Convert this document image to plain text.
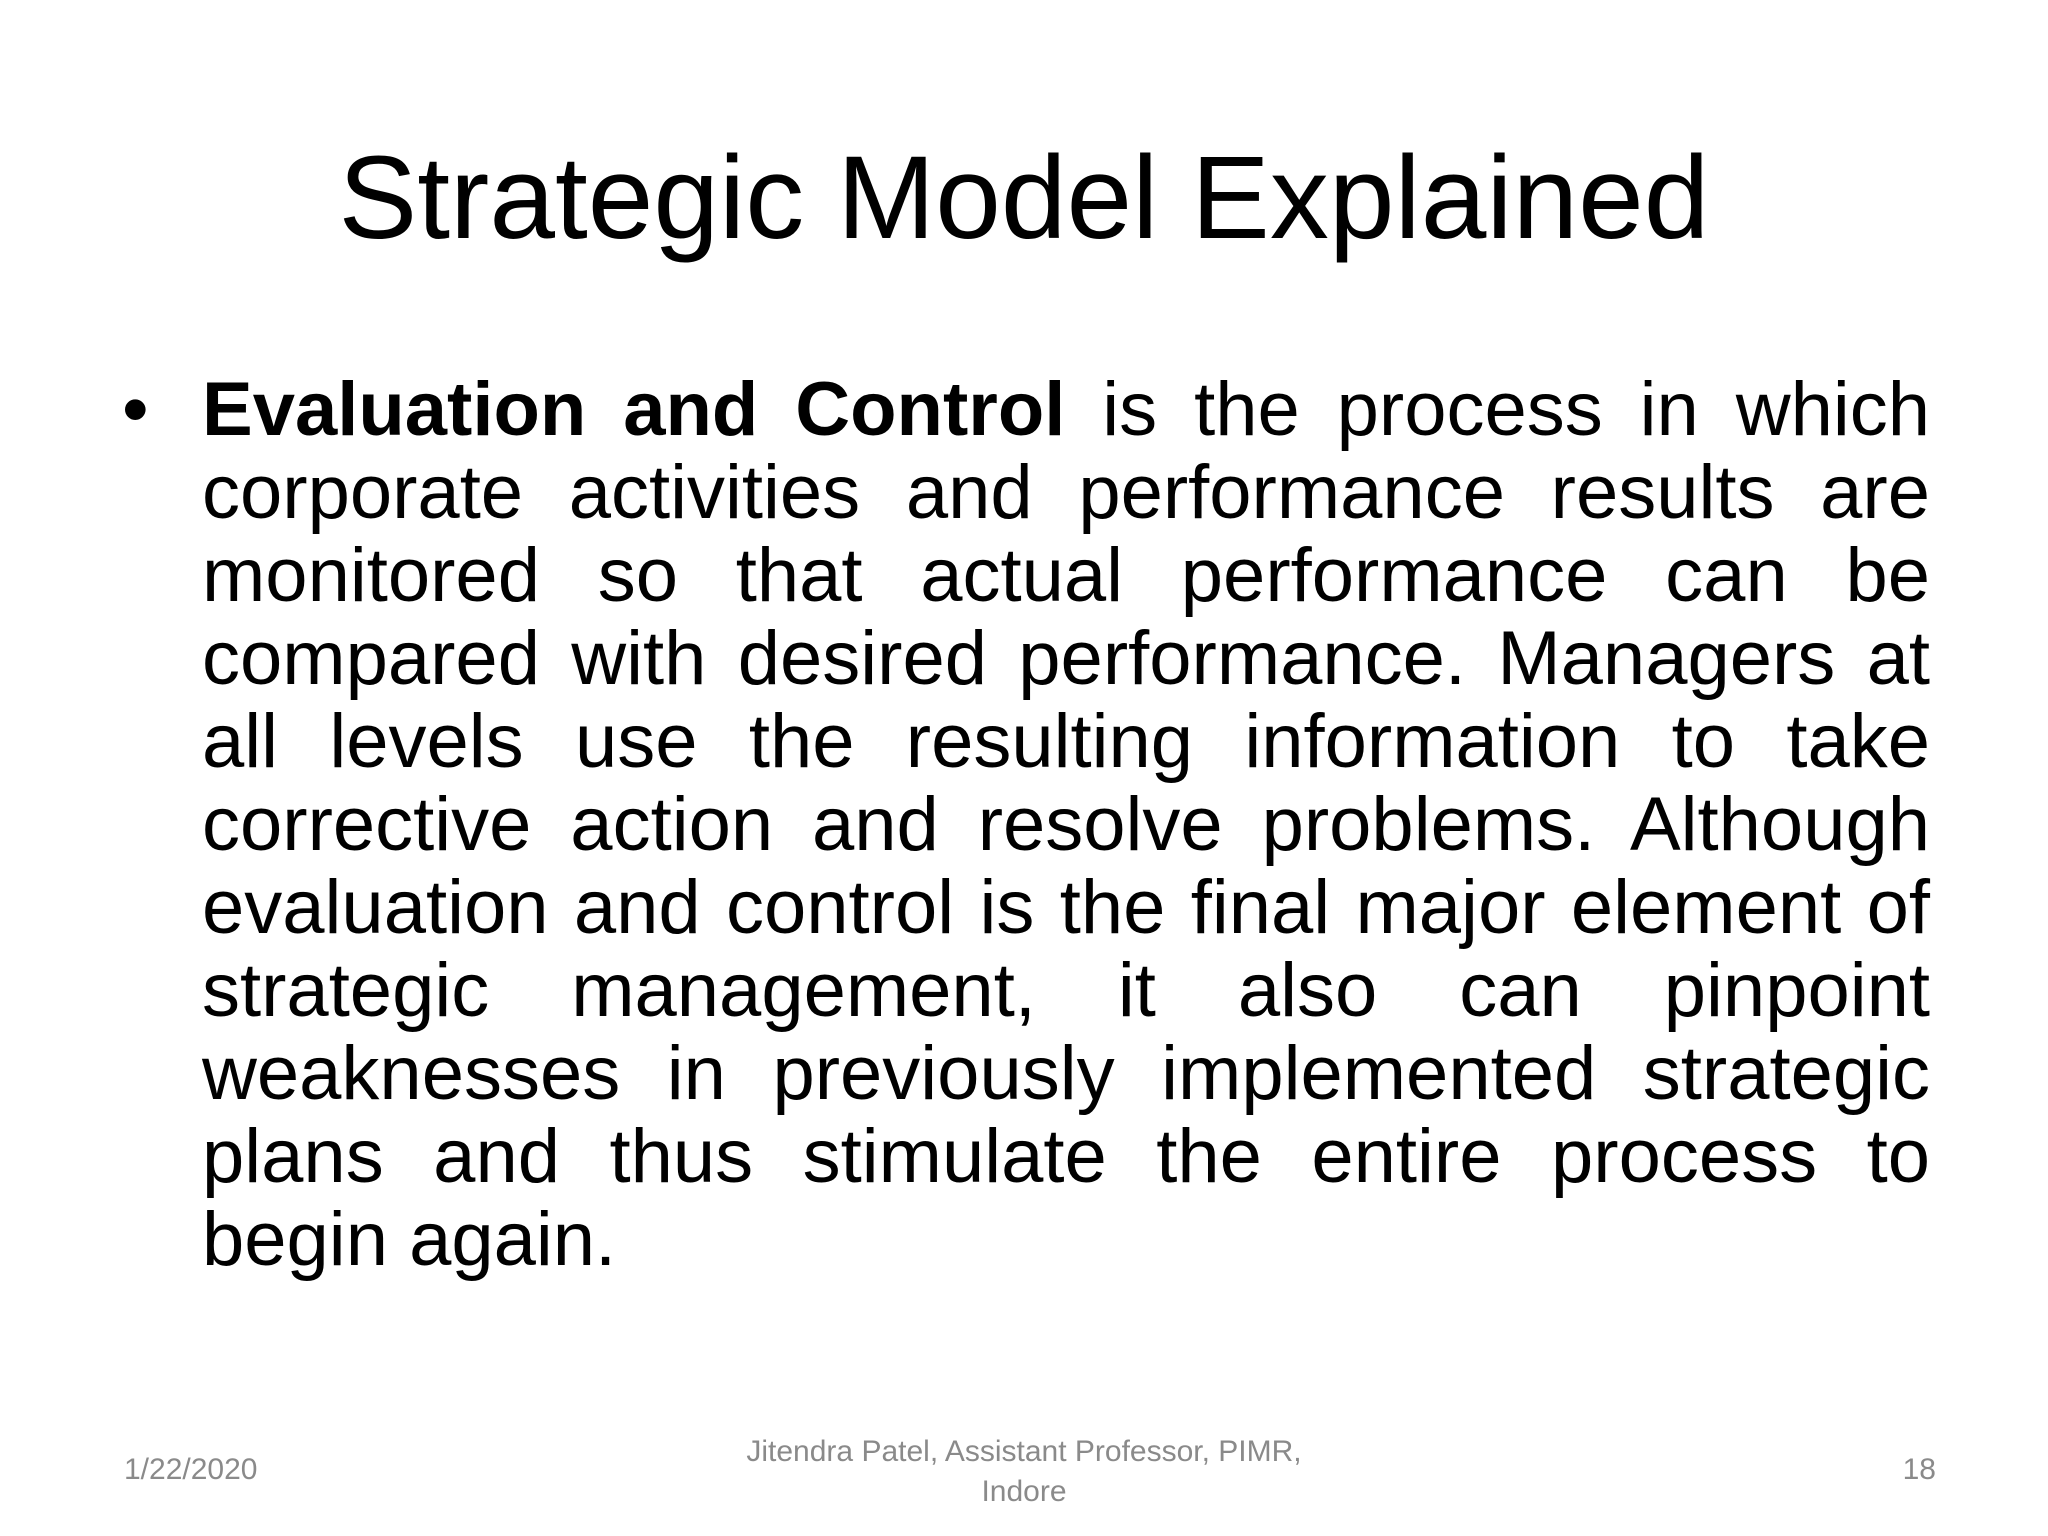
Strategic Model Explained
• Evaluation and Control is the process in which corporate activities and performance results are monitored so that actual performance can be compared with desired performance. Managers at all levels use the resulting information to take corrective action and resolve problems. Although evaluation and control is the final major element of strategic management, it also can pinpoint weaknesses in previously implemented strategic plans and thus stimulate the entire process to begin again.
1/22/2020
Jitendra Patel, Assistant Professor, PIMR,
Indore
18
